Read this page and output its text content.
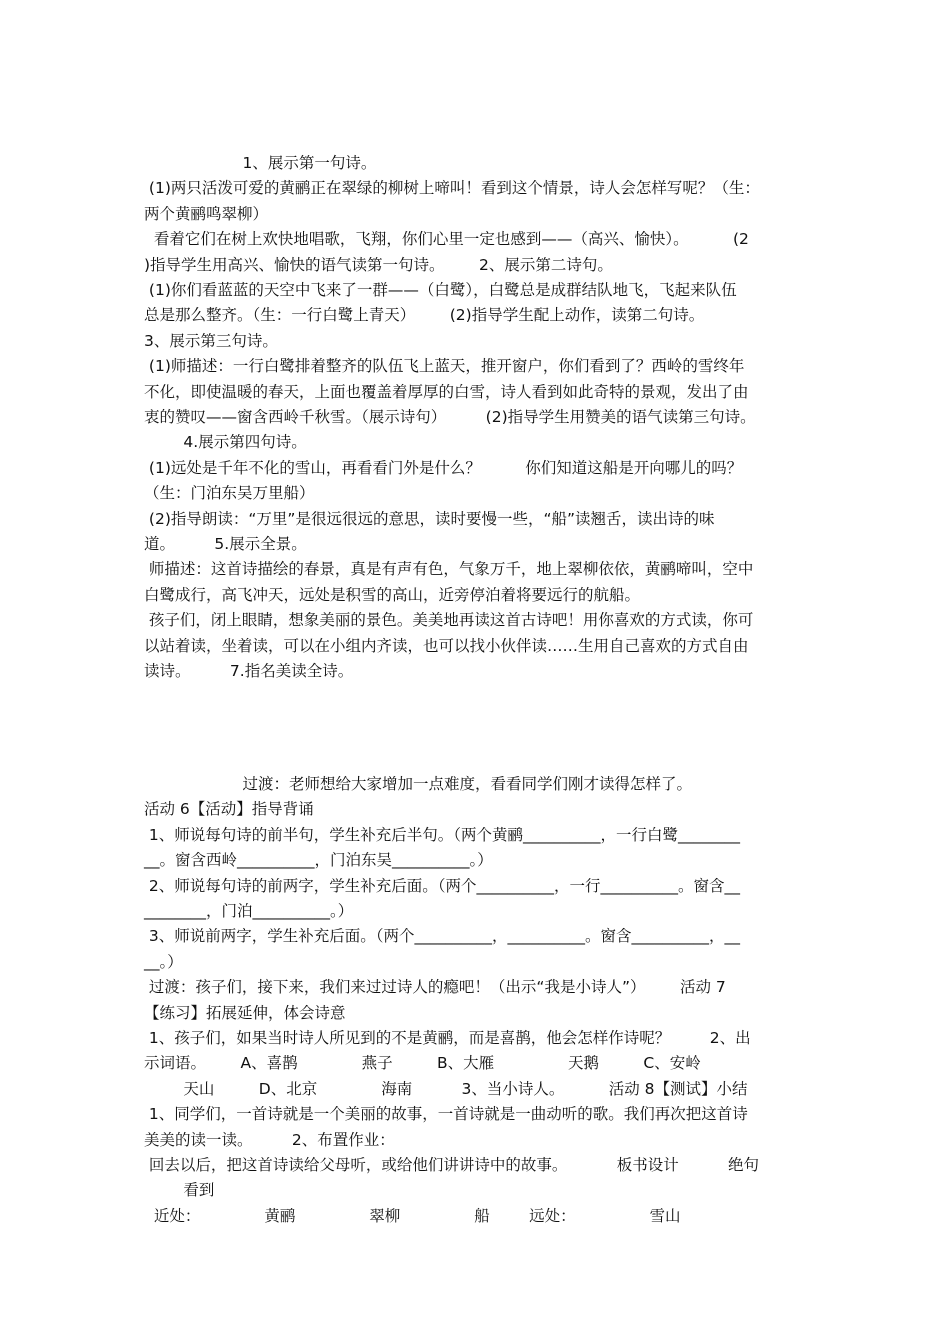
1、展示第一句诗。
(1)两只活泼可爱的黄鹂正在翠绿的柳树上啼叫！看到这个情景，诗人会怎样写呢？（生：
两个黄鹂鸣翠柳）
看着它们在树上欢快地唱歌，飞翔，你们心里一定也感到——（高兴、愉快）。         (2
)指导学生用高兴、愉快的语气读第一句诗。       2、展示第二诗句。
(1)你们看蓝蓝的天空中飞来了一群——（白鹭），白鹭总是成群结队地飞，飞起来队伍
总是那么整齐。（生：一行白鹭上青天）       (2)指导学生配上动作，读第二句诗。
3、展示第三句诗。
(1)师描述：一行白鹭排着整齐的队伍飞上蓝天，推开窗户，你们看到了？西岭的雪终年
不化，即使温暖的春天，上面也覆盖着厚厚的白雪，诗人看到如此奇特的景观，发出了由
衷的赞叹——窗含西岭千秋雪。（展示诗句）        (2)指导学生用赞美的语气读第三句诗。
4.展示第四句诗。
(1)远处是千年不化的雪山，再看看门外是什么？         你们知道这船是开向哪儿的吗？
（生：门泊东吴万里船）
(2)指导朗读：“万里”是很远很远的意思，读时要慢一些，“船”读翘舌，读出诗的味
道。        5.展示全景。
师描述：这首诗描绘的春景，真是有声有色，气象万千，地上翠柳依依，黄鹂啼叫，空中
白鹭成行，高飞冲天，远处是积雪的高山，近旁停泊着将要远行的航船。
孩子们，闭上眼睛，想象美丽的景色。美美地再读这首古诗吧！用你喜欢的方式读，你可
以站着读，坐着读，可以在小组内齐读，也可以找小伙伴读……生用自己喜欢的方式自由
读诗。        7.指名美读全诗。
过渡：老师想给大家增加一点难度，看看同学们刚才读得怎样了。
活动 6【活动】指导背诵
1、师说每句诗的前半句，学生补充后半句。（两个黄鹂__________，一行白鹭________
__。窗含西岭__________，门泊东吴__________。）
2、师说每句诗的前两字，学生补充后面。（两个__________，一行__________。窗含__
________，门泊__________。）
3、师说前两字，学生补充后面。（两个__________，__________。窗含__________，__
__。）
过渡：孩子们，接下来，我们来过过诗人的瘾吧！（出示“我是小诗人”）       活动 7
【练习】拓展延伸，体会诗意
1、孩子们，如果当时诗人所见到的不是黄鹂，而是喜鹊，他会怎样作诗呢？        2、出
示词语。       A、喜鹊             燕子         B、大雁               天鹅         C、安岭
天山         D、北京             海南          3、当小诗人。         活动 8【测试】小结
1、同学们，一首诗就是一个美丽的故事，一首诗就是一曲动听的歌。我们再次把这首诗
美美的读一读。        2、布置作业：
回去以后，把这首诗读给父母听，或给他们讲讲诗中的故事。          板书设计          绝句
看到
近处：             黄鹂               翠柳               船        远处：               雪山
